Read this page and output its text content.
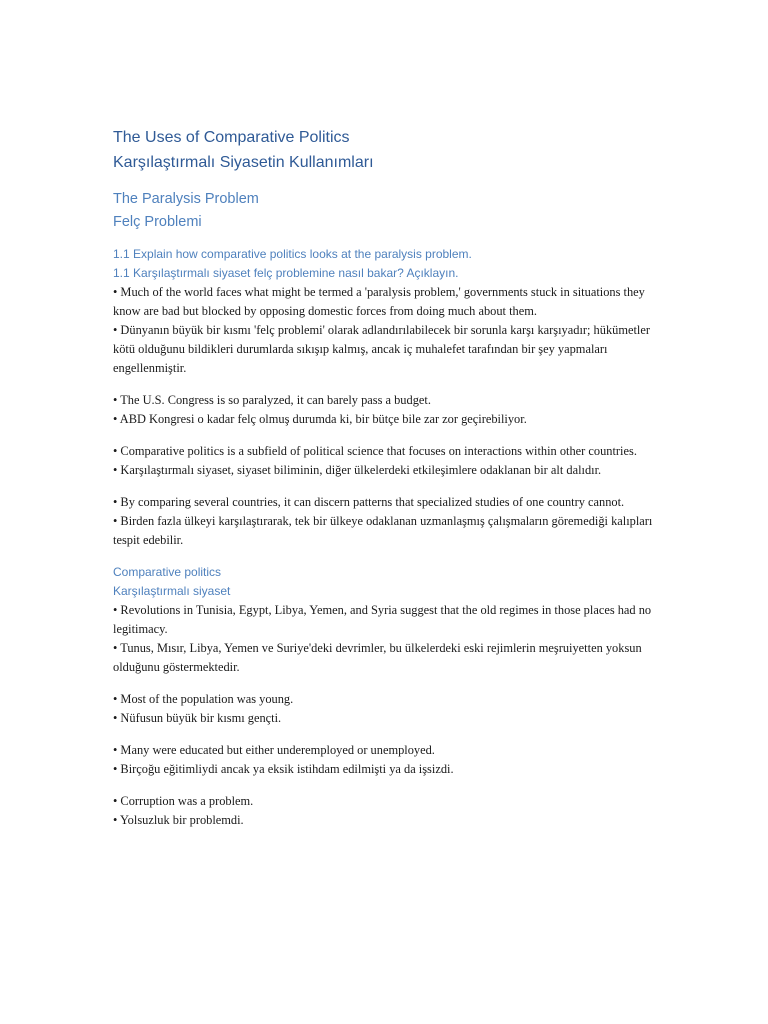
The Uses of Comparative Politics

Karşılaştırmalı Siyasetin Kullanımları

The Paralysis Problem

Felç Problemi

1.1 Explain how comparative politics looks at the paralysis problem.

1.1 Karşılaştırmalı siyaset felç problemine nasıl bakar? Açıklayın.

• Much of the world faces what might be termed a 'paralysis problem,' governments stuck in situations they know are bad but blocked by opposing domestic forces from doing much about them.

• Dünyanın büyük bir kısmı 'felç problemi' olarak adlandırılabilecek bir sorunla karşı karşıyadır; hükümetler kötü olduğunu bildikleri durumlarda sıkışıp kalmış, ancak iç muhalefet tarafından bir şey yapmaları engellenmiştir.

• The U.S. Congress is so paralyzed, it can barely pass a budget.

• ABD Kongresi o kadar felç olmuş durumda ki, bir bütçe bile zar zor geçirebiliyor.

• Comparative politics is a subfield of political science that focuses on interactions within other countries.

• Karşılaştırmalı siyaset, siyaset biliminin, diğer ülkelerdeki etkileşimlere odaklanan bir alt dalıdır.

• By comparing several countries, it can discern patterns that specialized studies of one country cannot.

• Birden fazla ülkeyi karşılaştırarak, tek bir ülkeye odaklanan uzmanlaşmış çalışmaların göremediği kalıpları tespit edebilir.

Comparative politics

Karşılaştırmalı siyaset

• Revolutions in Tunisia, Egypt, Libya, Yemen, and Syria suggest that the old regimes in those places had no legitimacy.

• Tunus, Mısır, Libya, Yemen ve Suriye'deki devrimler, bu ülkelerdeki eski rejimlerin meşruiyetten yoksun olduğunu göstermektedir.

• Most of the population was young.

• Nüfusun büyük bir kısmı gençti.

• Many were educated but either underemployed or unemployed.

• Birçoğu eğitimliydi ancak ya eksik istihdam edilmişti ya da işsizdi.

• Corruption was a problem.

• Yolsuzluk bir problemdi.
